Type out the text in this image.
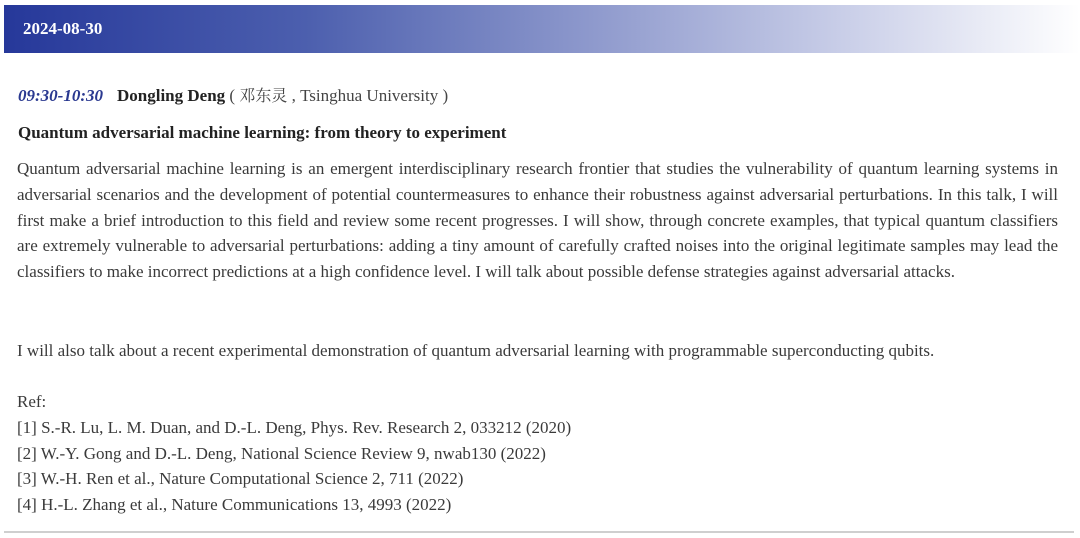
2024-08-30
09:30-10:30 Dongling Deng ( 邓东灵 , Tsinghua University )
Quantum adversarial machine learning: from theory to experiment

Quantum adversarial machine learning is an emergent interdisciplinary research frontier that studies the vulnerability of quantum learning systems in adversarial scenarios and the development of potential countermeasures to enhance their robustness against adversarial perturbations. In this talk, I will first make a brief introduction to this field and review some recent progresses. I will show, through concrete examples, that typical quantum classifiers are extremely vulnerable to adversarial perturbations: adding a tiny amount of carefully crafted noises into the original legitimate samples may lead the classifiers to make incorrect predictions at a high confidence level. I will talk about possible defense strategies against adversarial attacks.

I will also talk about a recent experimental demonstration of quantum adversarial learning with programmable superconducting qubits.

Ref:
[1] S.-R. Lu, L. M. Duan, and D.-L. Deng, Phys. Rev. Research 2, 033212 (2020)
[2] W.-Y. Gong and D.-L. Deng, National Science Review 9, nwab130 (2022)
[3] W.-H. Ren et al., Nature Computational Science 2, 711 (2022)
[4] H.-L. Zhang et al., Nature Communications 13, 4993 (2022)
